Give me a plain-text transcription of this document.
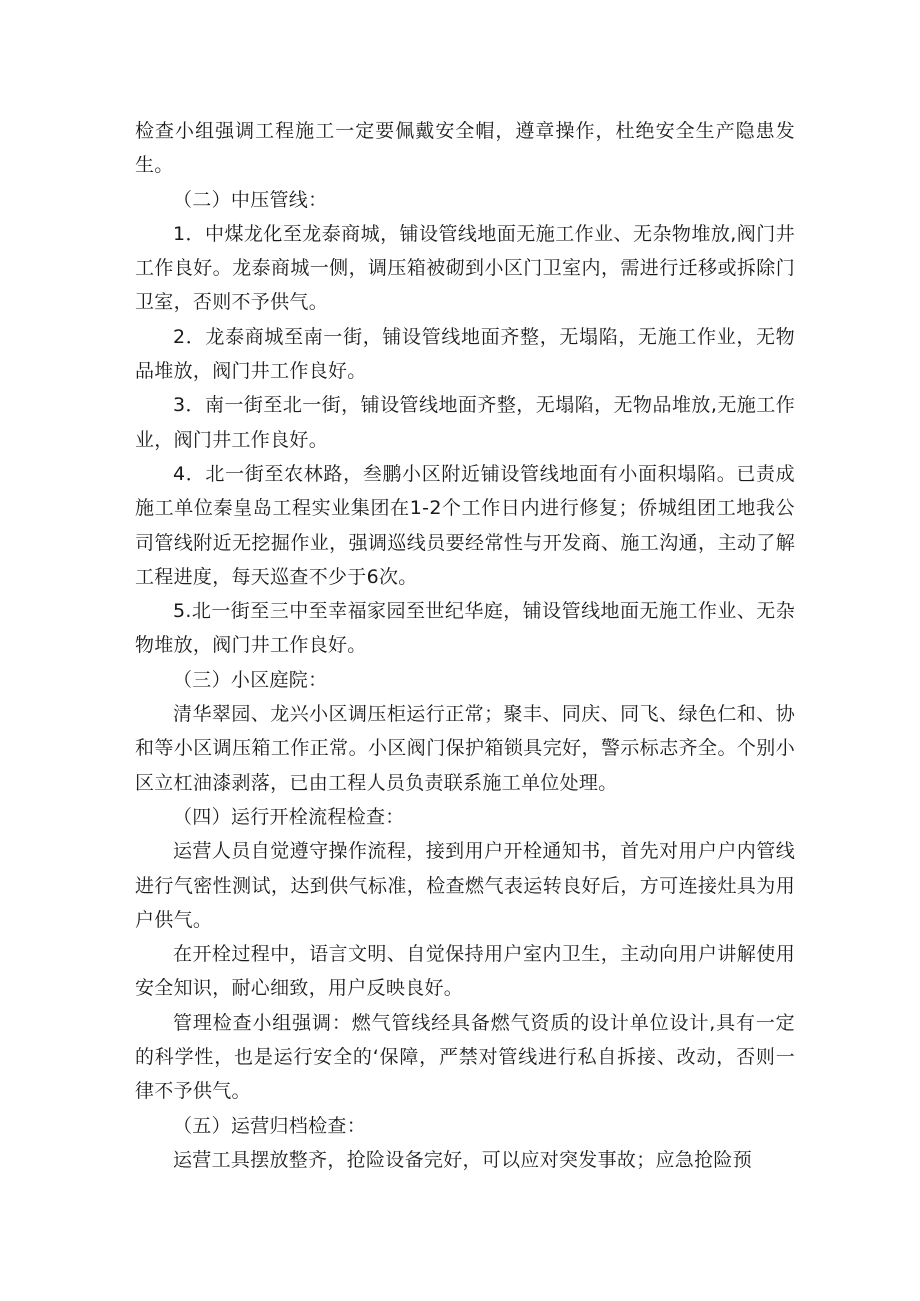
检查小组强调工程施工一定要佩戴安全帽，遵章操作，杜绝安全生产隐患发生。

（二）中压管线：

1．中煤龙化至龙泰商城，铺设管线地面无施工作业、无杂物堆放,阀门井工作良好。龙泰商城一侧，调压箱被砌到小区门卫室内，需进行迁移或拆除门卫室，否则不予供气。

2．龙泰商城至南一街，铺设管线地面齐整，无塌陷，无施工作业，无物品堆放，阀门井工作良好。

3．南一街至北一街，铺设管线地面齐整，无塌陷，无物品堆放,无施工作业，阀门井工作良好。

4．北一街至农林路，叁鹏小区附近铺设管线地面有小面积塌陷。已责成施工单位秦皇岛工程实业集团在1-2个工作日内进行修复；侨城组团工地我公司管线附近无挖掘作业，强调巡线员要经常性与开发商、施工沟通，主动了解工程进度，每天巡查不少于6次。

5.北一街至三中至幸福家园至世纪华庭，铺设管线地面无施工作业、无杂物堆放，阀门井工作良好。

（三）小区庭院：

清华翠园、龙兴小区调压柜运行正常；聚丰、同庆、同飞、绿色仁和、协和等小区调压箱工作正常。小区阀门保护箱锁具完好，警示标志齐全。个别小区立杠油漆剥落，已由工程人员负责联系施工单位处理。

（四）运行开栓流程检查：

运营人员自觉遵守操作流程，接到用户开栓通知书，首先对用户户内管线进行气密性测试，达到供气标准，检查燃气表运转良好后，方可连接灶具为用户供气。

在开栓过程中，语言文明、自觉保持用户室内卫生，主动向用户讲解使用安全知识，耐心细致，用户反映良好。

管理检查小组强调：燃气管线经具备燃气资质的设计单位设计,具有一定的科学性，也是运行安全的‘保障，严禁对管线进行私自拆接、改动，否则一律不予供气。

（五）运营归档检查：

运营工具摆放整齐，抢险设备完好，可以应对突发事故；应急抢险预
